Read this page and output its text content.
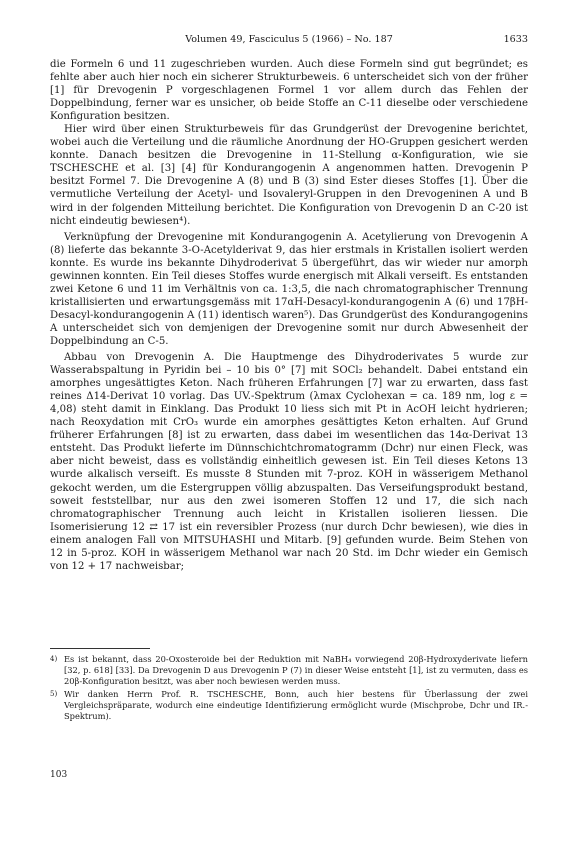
Volumen 49, Fasciculus 5 (1966) – No. 187	1633

die Formeln 6 und 11 zugeschrieben wurden. Auch diese Formeln sind gut begründet; es fehlte aber auch hier noch ein sicherer Strukturbeweis. 6 unterscheidet sich von der früher [1] für Drevogenin P vorgeschlagenen Formel 1 vor allem durch das Fehlen der Doppelbindung, ferner war es unsicher, ob beide Stoffe an C-11 dieselbe oder verschiedene Konfiguration besitzen.

Hier wird über einen Strukturbeweis für das Grundgerüst der Drevogenine berichtet, wobei auch die Verteilung und die räumliche Anordnung der HO-Gruppen gesichert werden konnte. Danach besitzen die Drevogenine in 11-Stellung α-Konfiguration, wie sie TSCHESCHE et al. [3] [4] für Kondurangogenin A angenommen hatten. Drevogenin P besitzt Formel 7. Die Drevogenine A (8) und B (3) sind Ester dieses Stoffes [1]. Über die vermutliche Verteilung der Acetyl- und Isovaleryl-Gruppen in den Drevogeninen A und B wird in der folgenden Mitteilung berichtet. Die Konfiguration von Drevogenin D an C-20 ist nicht eindeutig bewiesen⁴).

Verknüpfung der Drevogenine mit Kondurangogenin A. Acetylierung von Drevogenin A (8) lieferte das bekannte 3-O-Acetylderivat 9, das hier erstmals in Kristallen isoliert werden konnte. Es wurde ins bekannte Dihydroderivat 5 übergeführt, das wir wieder nur amorph gewinnen konnten. Ein Teil dieses Stoffes wurde energisch mit Alkali verseift. Es entstanden zwei Ketone 6 und 11 im Verhältnis von ca. 1:3,5, die nach chromatographischer Trennung kristallisierten und erwartungsgemäss mit 17αH-Desacyl-kondurangogenin A (6) und 17βH-Desacyl-kondurangogenin A (11) identisch waren⁵). Das Grundgerüst des Kondurangogenins A unterscheidet sich von demjenigen der Drevogenine somit nur durch Abwesenheit der Doppelbindung an C-5.

Abbau von Drevogenin A. Die Hauptmenge des Dihydroderivates 5 wurde zur Wasserabspaltung in Pyridin bei – 10 bis 0° [7] mit SOCl₂ behandelt. Dabei entstand ein amorphes ungesättigtes Keton. Nach früheren Erfahrungen [7] war zu erwarten, dass fast reines Δ14-Derivat 10 vorlag. Das UV.-Spektrum (λmax Cyclohexan = ca. 189 nm, log ε = 4,08) steht damit in Einklang. Das Produkt 10 liess sich mit Pt in AcOH leicht hydrieren; nach Reoxydation mit CrO₃ wurde ein amorphes gesättigtes Keton erhalten. Auf Grund früherer Erfahrungen [8] ist zu erwarten, dass dabei im wesentlichen das 14α-Derivat 13 entsteht. Das Produkt lieferte im Dünnschichtchromatogramm (Dchr) nur einen Fleck, was aber nicht beweist, dass es vollständig einheitlich gewesen ist. Ein Teil dieses Ketons 13 wurde alkalisch verseift. Es musste 8 Stunden mit 7-proz. KOH in wässerigem Methanol gekocht werden, um die Estergruppen völlig abzuspalten. Das Verseifungsprodukt bestand, soweit feststellbar, nur aus den zwei isomeren Stoffen 12 und 17, die sich nach chromatographischer Trennung auch leicht in Kristallen isolieren liessen. Die Isomerisierung 12 ⇄ 17 ist ein reversibler Prozess (nur durch Dchr bewiesen), wie dies in einem analogen Fall von MITSUHASHI und Mitarb. [9] gefunden wurde. Beim Stehen von 12 in 5-proz. KOH in wässerigem Methanol war nach 20 Std. im Dchr wieder ein Gemisch von 12 + 17 nachweisbar;

4) Es ist bekannt, dass 20-Oxosteroide bei der Reduktion mit NaBH₄ vorwiegend 20β-Hydroxyderivate liefern [32, p. 618] [33]. Da Drevogenin D aus Drevogenin P (7) in dieser Weise entsteht [1], ist zu vermuten, dass es 20β-Konfiguration besitzt, was aber noch bewiesen werden muss.
5) Wir danken Herrn Prof. R. TSCHESCHE, Bonn, auch hier bestens für Überlassung der zwei Vergleichspräparate, wodurch eine eindeutige Identifizierung ermöglicht wurde (Mischprobe, Dchr und IR.-Spektrum).
103
